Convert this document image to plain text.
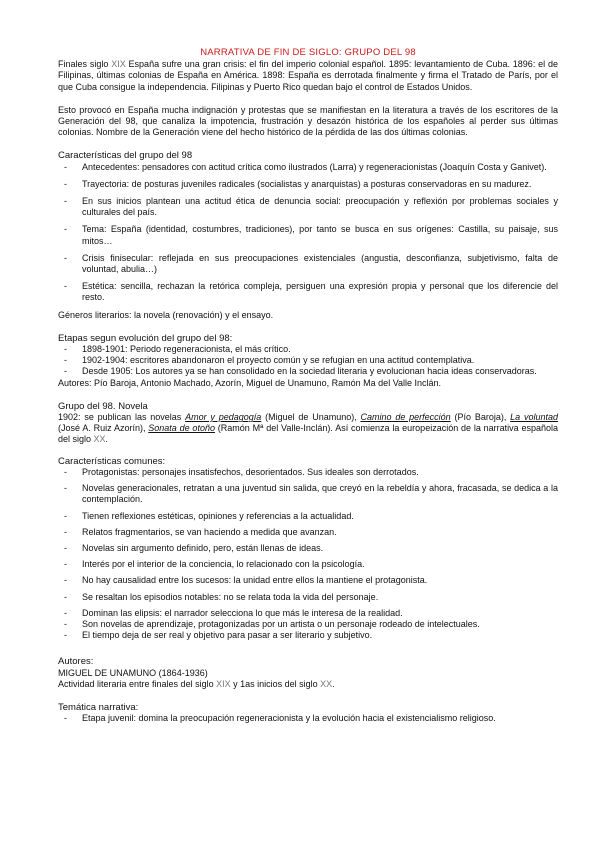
NARRATIVA DE FIN DE SIGLO: GRUPO DEL 98

Finales siglo XIX España sufre una gran crisis: el fin del imperio colonial español. 1895: levantamiento de Cuba. 1896: el de Filipinas, últimas colonias de España en América. 1898: España es derrotada finalmente y firma el Tratado de París, por el que Cuba consigue la independencia. Filipinas y Puerto Rico quedan bajo el control de Estados Unidos.

Esto provocó en España mucha indignación y protestas que se manifiestan en la literatura a través de los escritores de la Generación del 98, que canaliza la impotencia, frustración y desazón histórica de los españoles al perder sus últimas colonias. Nombre de la Generación viene del hecho histórico de la pérdida de las dos últimas colonias.

Características del grupo del 98

- Antecedentes: pensadores con actitud crítica como ilustrados (Larra) y regeneracionistas (Joaquín Costa y Ganivet).
- Trayectoria: de posturas juveniles radicales (socialistas y anarquistas) a posturas conservadoras en su madurez.
- En sus inicios plantean una actitud ética de denuncia social: preocupación y reflexión por problemas sociales y culturales del país.
- Tema: España (identidad, costumbres, tradiciones), por tanto se busca en sus orígenes: Castilla, su paisaje, sus mitos…
- Crisis finisecular: reflejada en sus preocupaciones existenciales (angustia, desconfianza, subjetivismo, falta de voluntad, abulia…)
- Estética: sencilla, rechazan la retórica compleja, persiguen una expresión propia y personal que los diferencie del resto.

Géneros literarios: la novela (renovación) y el ensayo.

Etapas segun evolución del grupo del 98:

- 1898-1901: Periodo regeneracionista, el más crítico.
- 1902-1904: escritores abandonaron el proyecto común y se refugian en una actitud contemplativa.
- Desde 1905: Los autores ya se han consolidado en la sociedad literaria y evolucionan hacia ideas conservadoras.

Autores: Pío Baroja, Antonio Machado, Azorín, Miguel de Unamuno, Ramón Ma del Valle Inclán.

Grupo del 98. Novela

1902: se publican las novelas Amor y pedagogía (Miguel de Unamuno), Camino de perfección (Pío Baroja), La voluntad (José A. Ruiz Azorín), Sonata de otoño (Ramón Mª del Valle-Inclán). Así comienza la europeización de la narrativa española del siglo XX.

Características comunes:

- Protagonistas: personajes insatisfechos, desorientados. Sus ideales son derrotados.
- Novelas generacionales, retratan a una juventud sin salida, que creyó en la rebeldía y ahora, fracasada, se dedica a la contemplación.
- Tienen reflexiones estéticas, opiniones y referencias a la actualidad.
- Relatos fragmentarios, se van haciendo a medida que avanzan.
- Novelas sin argumento definido, pero, están llenas de ideas.
- Interés por el interior de la conciencia, lo relacionado con la psicología.
- No hay causalidad entre los sucesos: la unidad entre ellos la mantiene el protagonista.
- Se resaltan los episodios notables: no se relata toda la vida del personaje.
- Dominan las elipsis: el narrador selecciona lo que más le interesa de la realidad.
- Son novelas de aprendizaje, protagonizadas por un artista o un personaje rodeado de intelectuales.
- El tiempo deja de ser real y objetivo para pasar a ser literario y subjetivo.

Autores:

MIGUEL DE UNAMUNO (1864-1936)

Actividad literaria entre finales del siglo XIX y 1as inicios del siglo XX.

Temática narrativa:

- Etapa juvenil: domina la preocupación regeneracionista y la evolución hacia el existencialismo religioso.
